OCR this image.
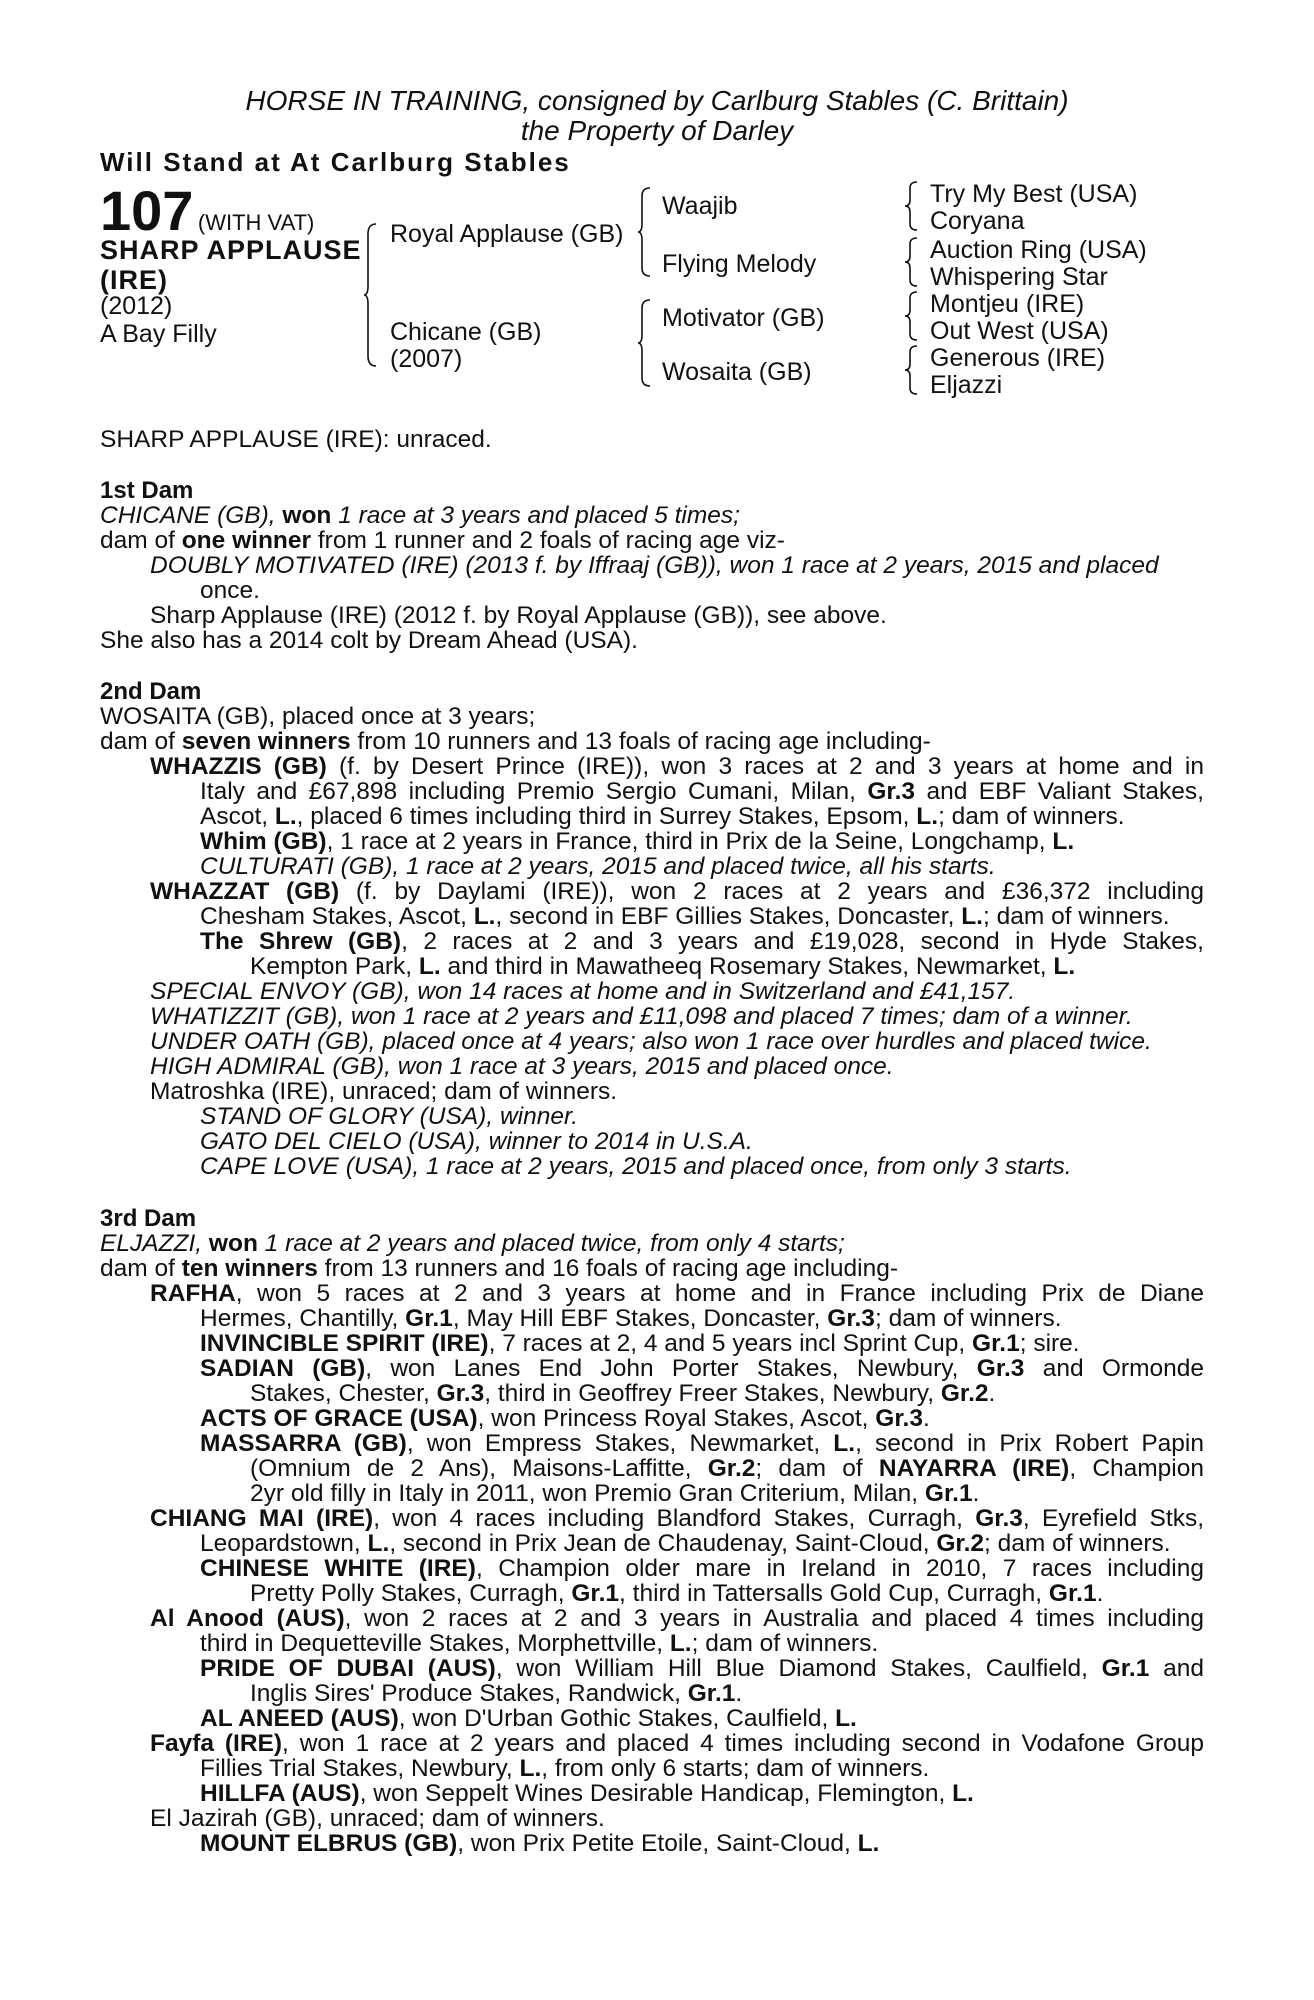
HORSE IN TRAINING, consigned by Carlburg Stables (C. Brittain)
the Property of Darley
Will Stand at At Carlburg Stables
107 (WITH VAT)
SHARP APPLAUSE
(IRE)
(2012)
A Bay Filly
Royal Applause (GB)
Chicane (GB)
(2007)
Waajib
Flying Melody
Motivator (GB)
Wosaita (GB)
Try My Best (USA)
Coryana
Auction Ring (USA)
Whispering Star
Montjeu (IRE)
Out West (USA)
Generous (IRE)
Eljazzi
SHARP APPLAUSE (IRE): unraced.
1st Dam
CHICANE (GB), won 1 race at 3 years and placed 5 times;
dam of one winner from 1 runner and 2 foals of racing age viz-
DOUBLY MOTIVATED (IRE) (2013 f. by Iffraaj (GB)), won 1 race at 2 years, 2015 and placed
once.
Sharp Applause (IRE) (2012 f. by Royal Applause (GB)), see above.
She also has a 2014 colt by Dream Ahead (USA).
2nd Dam
WOSAITA (GB), placed once at 3 years;
dam of seven winners from 10 runners and 13 foals of racing age including-
WHAZZIS (GB) (f. by Desert Prince (IRE)), won 3 races at 2 and 3 years at home and in
Italy and £67,898 including Premio Sergio Cumani, Milan, Gr.3 and EBF Valiant Stakes,
Ascot, L., placed 6 times including third in Surrey Stakes, Epsom, L.; dam of winners.
Whim (GB), 1 race at 2 years in France, third in Prix de la Seine, Longchamp, L.
CULTURATI (GB), 1 race at 2 years, 2015 and placed twice, all his starts.
WHAZZAT (GB) (f. by Daylami (IRE)), won 2 races at 2 years and £36,372 including
Chesham Stakes, Ascot, L., second in EBF Gillies Stakes, Doncaster, L.; dam of winners.
The Shrew (GB), 2 races at 2 and 3 years and £19,028, second in Hyde Stakes,
Kempton Park, L. and third in Mawatheeq Rosemary Stakes, Newmarket, L.
SPECIAL ENVOY (GB), won 14 races at home and in Switzerland and £41,157.
WHATIZZIT (GB), won 1 race at 2 years and £11,098 and placed 7 times; dam of a winner.
UNDER OATH (GB), placed once at 4 years; also won 1 race over hurdles and placed twice.
HIGH ADMIRAL (GB), won 1 race at 3 years, 2015 and placed once.
Matroshka (IRE), unraced; dam of winners.
STAND OF GLORY (USA), winner.
GATO DEL CIELO (USA), winner to 2014 in U.S.A.
CAPE LOVE (USA), 1 race at 2 years, 2015 and placed once, from only 3 starts.
3rd Dam
ELJAZZI, won 1 race at 2 years and placed twice, from only 4 starts;
dam of ten winners from 13 runners and 16 foals of racing age including-
RAFHA, won 5 races at 2 and 3 years at home and in France including Prix de Diane
Hermes, Chantilly, Gr.1, May Hill EBF Stakes, Doncaster, Gr.3; dam of winners.
INVINCIBLE SPIRIT (IRE), 7 races at 2, 4 and 5 years incl Sprint Cup, Gr.1; sire.
SADIAN (GB), won Lanes End John Porter Stakes, Newbury, Gr.3 and Ormonde
Stakes, Chester, Gr.3, third in Geoffrey Freer Stakes, Newbury, Gr.2.
ACTS OF GRACE (USA), won Princess Royal Stakes, Ascot, Gr.3.
MASSARRA (GB), won Empress Stakes, Newmarket, L., second in Prix Robert Papin
(Omnium de 2 Ans), Maisons-Laffitte, Gr.2; dam of NAYARRA (IRE), Champion
2yr old filly in Italy in 2011, won Premio Gran Criterium, Milan, Gr.1.
CHIANG MAI (IRE), won 4 races including Blandford Stakes, Curragh, Gr.3, Eyrefield Stks,
Leopardstown, L., second in Prix Jean de Chaudenay, Saint-Cloud, Gr.2; dam of winners.
CHINESE WHITE (IRE), Champion older mare in Ireland in 2010, 7 races including
Pretty Polly Stakes, Curragh, Gr.1, third in Tattersalls Gold Cup, Curragh, Gr.1.
Al Anood (AUS), won 2 races at 2 and 3 years in Australia and placed 4 times including
third in Dequetteville Stakes, Morphettville, L.; dam of winners.
PRIDE OF DUBAI (AUS), won William Hill Blue Diamond Stakes, Caulfield, Gr.1 and
Inglis Sires' Produce Stakes, Randwick, Gr.1.
AL ANEED (AUS), won D'Urban Gothic Stakes, Caulfield, L.
Fayfa (IRE), won 1 race at 2 years and placed 4 times including second in Vodafone Group
Fillies Trial Stakes, Newbury, L., from only 6 starts; dam of winners.
HILLFA (AUS), won Seppelt Wines Desirable Handicap, Flemington, L.
El Jazirah (GB), unraced; dam of winners.
MOUNT ELBRUS (GB), won Prix Petite Etoile, Saint-Cloud, L.
